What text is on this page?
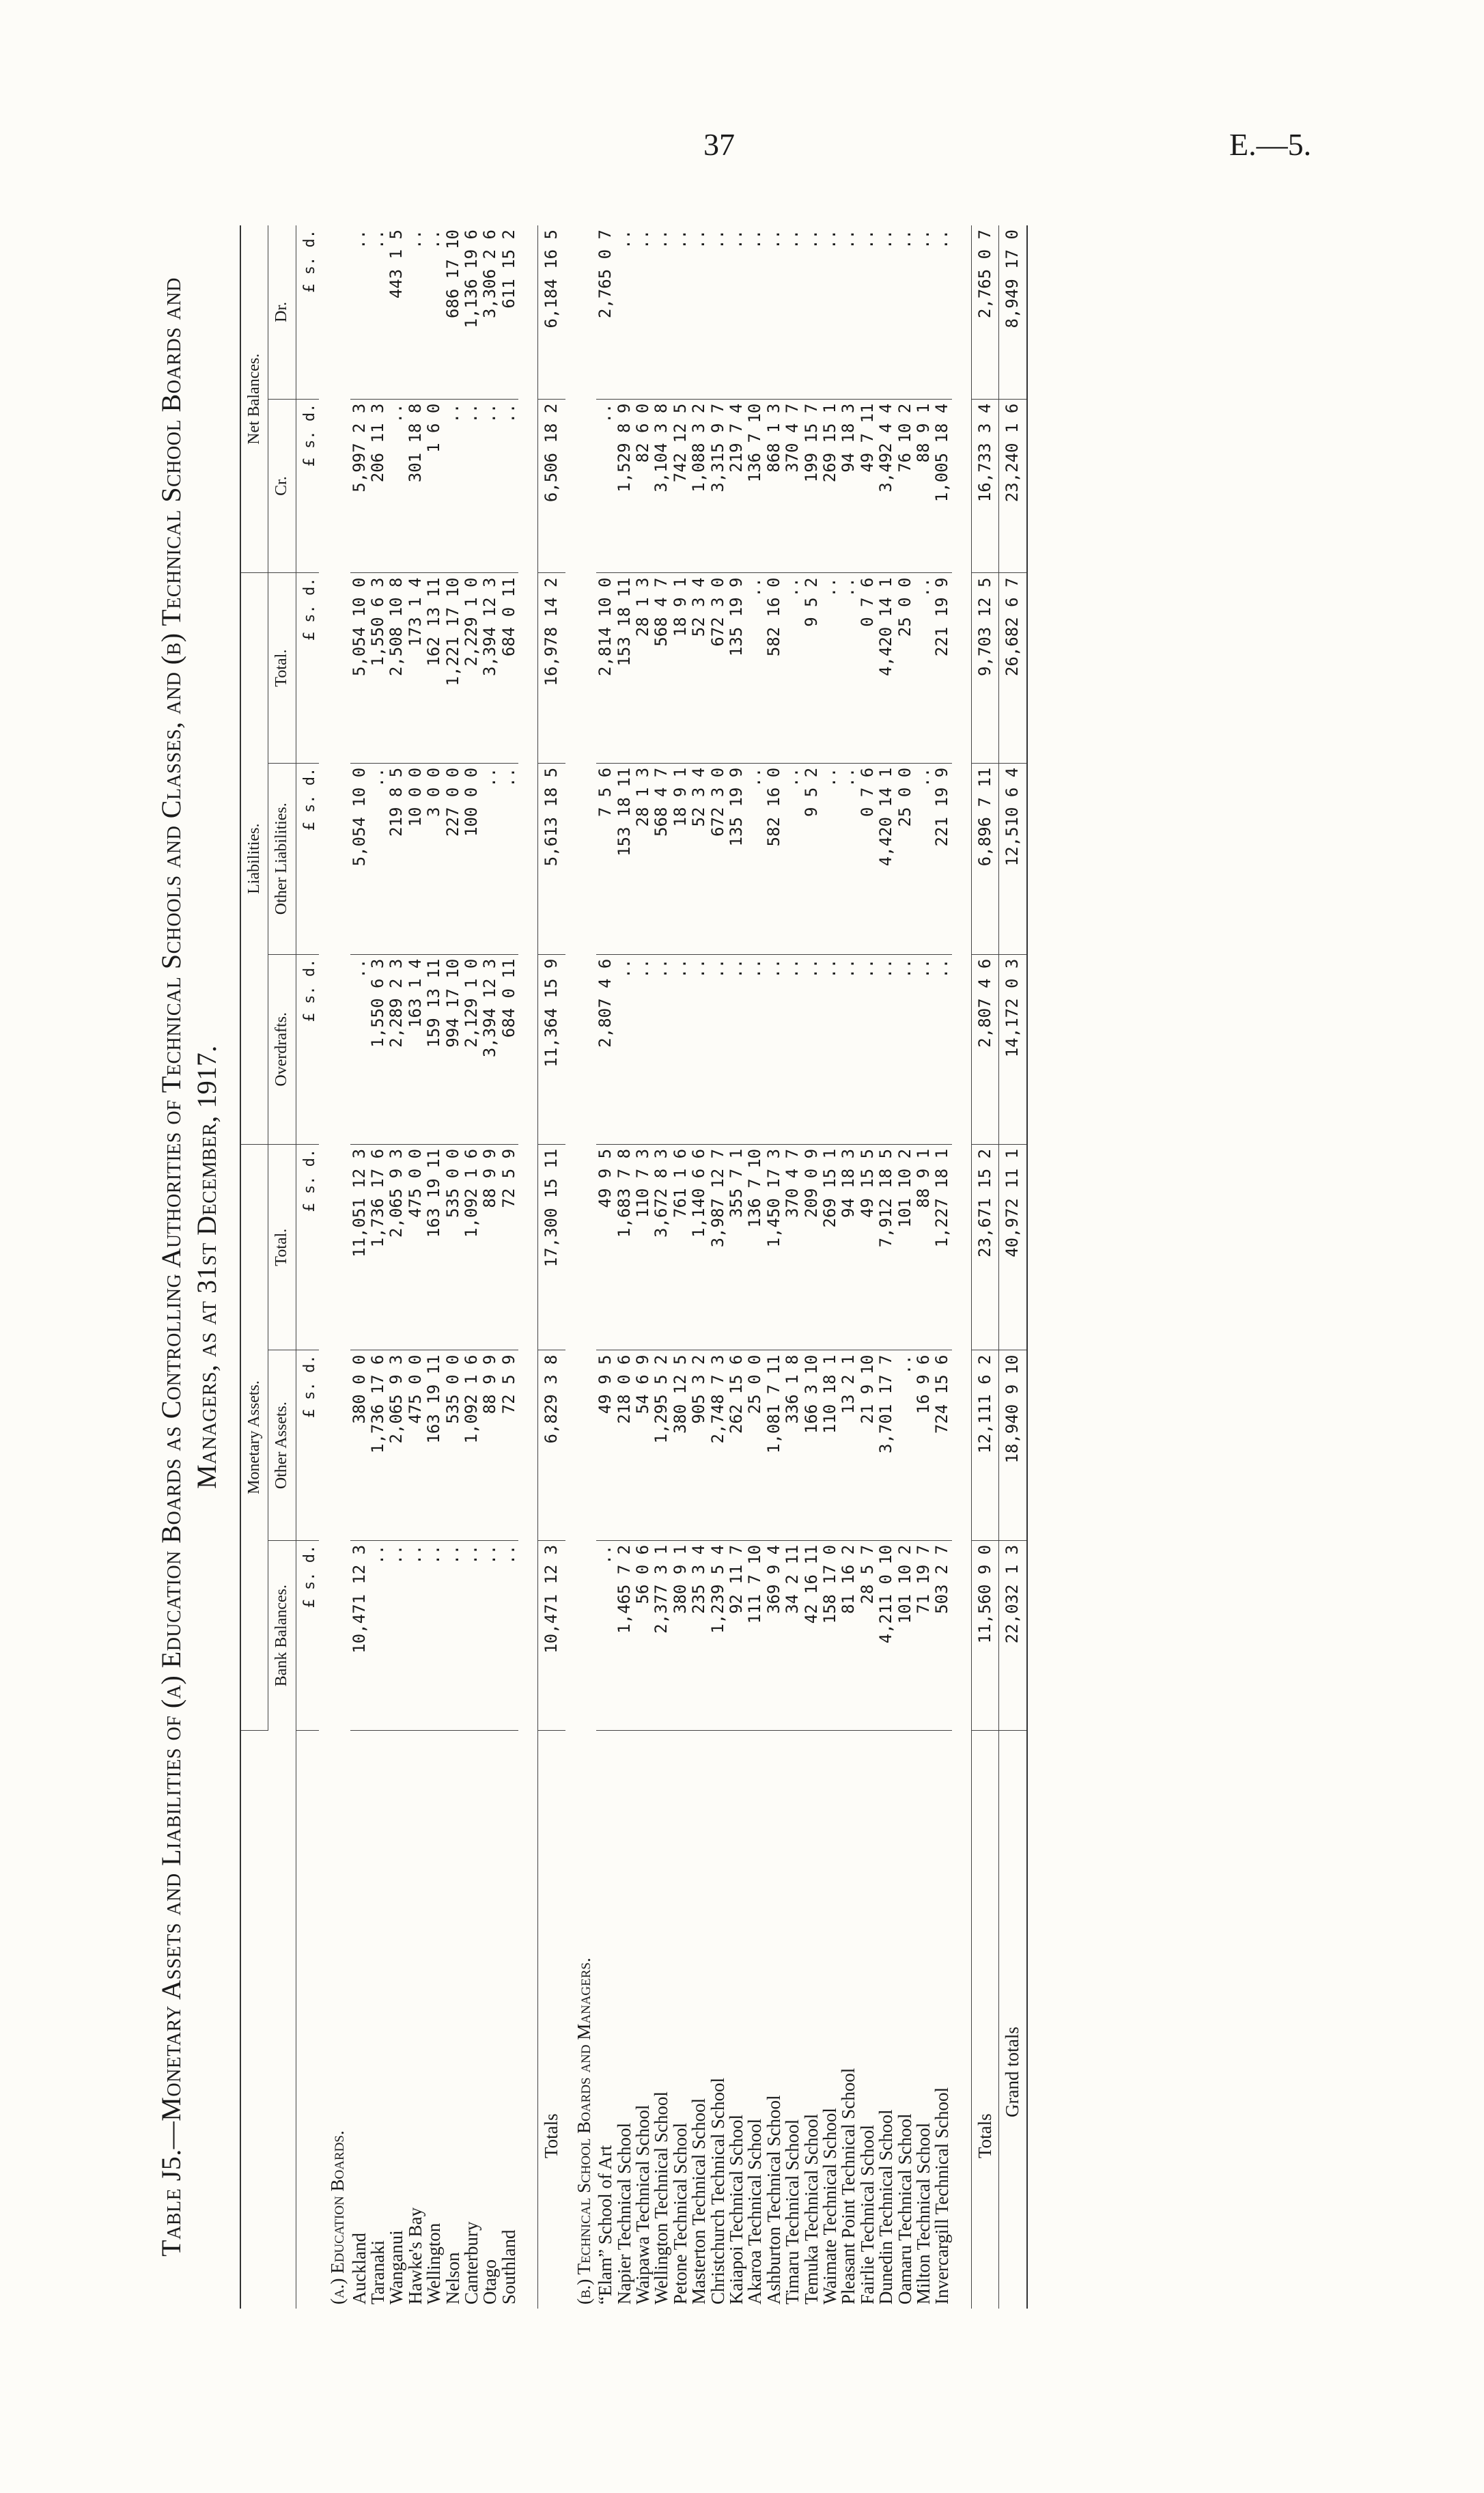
37	E.—5.
Table J5.—Monetary Assets and Liabilities of (a) Education Boards as Controlling Authorities of Technical Schools and Classes, and (b) Technical School Boards and Managers, as at 31st December, 1917.
	Monetary Assets.			Liabilities.			Net Balances.	
	Bank Balances.	Other Assets.	Total.	Overdrafts.	Other Liabilities.	Total.	Cr.	Dr.
	£ s. d.	£ s. d.	£ s. d.	£ s. d.	£ s. d.	£ s. d.	£ s. d.	£ s. d.
(a.) Education Boards.								
Auckland	10,471 12 3	380 0 0	11,051 12 3	..	5,054 10 0	5,054 10 0	5,997 2 3	..
Taranaki	..	1,736 17 6	1,736 17 6	1,550 6 3	..	1,550 6 3	206 11 3	..
Wanganui	..	2,065 9 3	2,065 9 3	2,289 2 3	219 8 5	2,508 10 8	..	443 1 5
Hawke's Bay	..	475 0 0	475 0 0	163 1 4	10 0 0	173 1 4	301 18 8	..
Wellington	..	163 19 11	163 19 11	159 13 11	3 0 0	162 13 11	1 6 0	..
Nelson	..	535 0 0	535 0 0	994 17 10	227 0 0	1,221 17 10	..	686 17 10
Canterbury	..	1,092 1 6	1,092 1 6	2,129 1 0	100 0 0	2,229 1 0	..	1,136 19 6
Otago	..	88 9 9	88 9 9	3,394 12 3	..	3,394 12 3	..	3,306 2 6
Southland	..	72 5 9	72 5 9	684 0 11	..	684 0 11	..	611 15 2

Totals	10,471 12 3	6,829 3 8	17,300 15 11	11,364 15 9	5,613 18 5	16,978 14 2	6,506 18 2	6,184 16 5
(b.) Technical School Boards and Managers.								
“Elam” School of Art	..	49 9 5	49 9 5	2,807 4 6	7 5 6	2,814 10 0	..	2,765 0 7
Napier Technical School	1,465 7 2	218 0 6	1,683 7 8	..	153 18 11	153 18 11	1,529 8 9	..
Waipawa Technical School	56 0 6	54 6 9	110 7 3	..	28 1 3	28 1 3	82 6 0	..
Wellington Technical School	2,377 3 1	1,295 5 2	3,672 8 3	..	568 4 7	568 4 7	3,104 3 8	..
Petone Technical School	380 9 1	380 12 5	761 1 6	..	18 9 1	18 9 1	742 12 5	..
Masterton Technical School	235 3 4	905 3 2	1,140 6 6	..	52 3 4	52 3 4	1,088 3 2	..
Christchurch Technical School	1,239 5 4	2,748 7 3	3,987 12 7	..	672 3 0	672 3 0	3,315 9 7	..
Kaiapoi Technical School	92 11 7	262 15 6	355 7 1	..	135 19 9	135 19 9	219 7 4	..
Akaroa Technical School	111 7 10	25 0 0	136 7 10	..	..	..	136 7 10	..
Ashburton Technical School	369 9 4	1,081 7 11	1,450 17 3	..	582 16 0	582 16 0	868 1 3	..
Timaru Technical School	34 2 11	336 1 8	370 4 7	..	..	..	370 4 7	..
Temuka Technical School	42 16 11	166 3 10	209 0 9	..	9 5 2	9 5 2	199 15 7	..
Waimate Technical School	158 17 0	110 18 1	269 15 1	..	..	..	269 15 1	..
Pleasant Point Technical School	81 16 2	13 2 1	94 18 3	..	..	..	94 18 3	..
Fairlie Technical School	28 5 7	21 9 10	49 15 5	..	0 7 6	0 7 6	49 7 11	..
Dunedin Technical School	4,211 0 10	3,701 17 7	7,912 18 5	..	4,420 14 1	4,420 14 1	3,492 4 4	..
Oamaru Technical School	101 10 2	..	101 10 2	..	25 0 0	25 0 0	76 10 2	..
Milton Technical School	71 19 7	16 9 6	88 9 1	..	..	..	88 9 1	..
Invercargill Technical School	503 2 7	724 15 6	1,227 18 1	..	221 19 9	221 19 9	1,005 18 4	..

Totals	11,560 9 0	12,111 6 2	23,671 15 2	2,807 4 6	6,896 7 11	9,703 12 5	16,733 3 4	2,765 0 7
Grand totals	22,032 1 3	18,940 9 10	40,972 11 1	14,172 0 3	12,510 6 4	26,682 6 7	23,240 1 6	8,949 17 0
